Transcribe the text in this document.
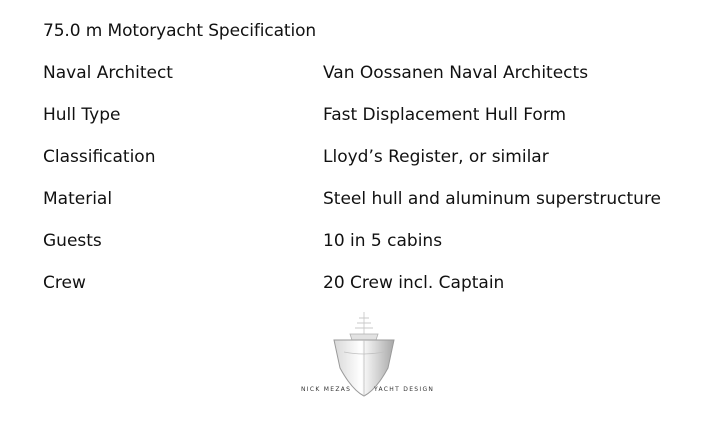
75.0 m Motoryacht Specification
Naval Architect	Van Oossanen Naval Architects
Hull Type	Fast Displacement Hull Form
Classification	Lloyd’s Register, or similar
Material	Steel hull and aluminum superstructure
Guests	10 in 5 cabins
Crew	20 Crew incl. Captain
NICK MEZAS	YACHT DESIGN
